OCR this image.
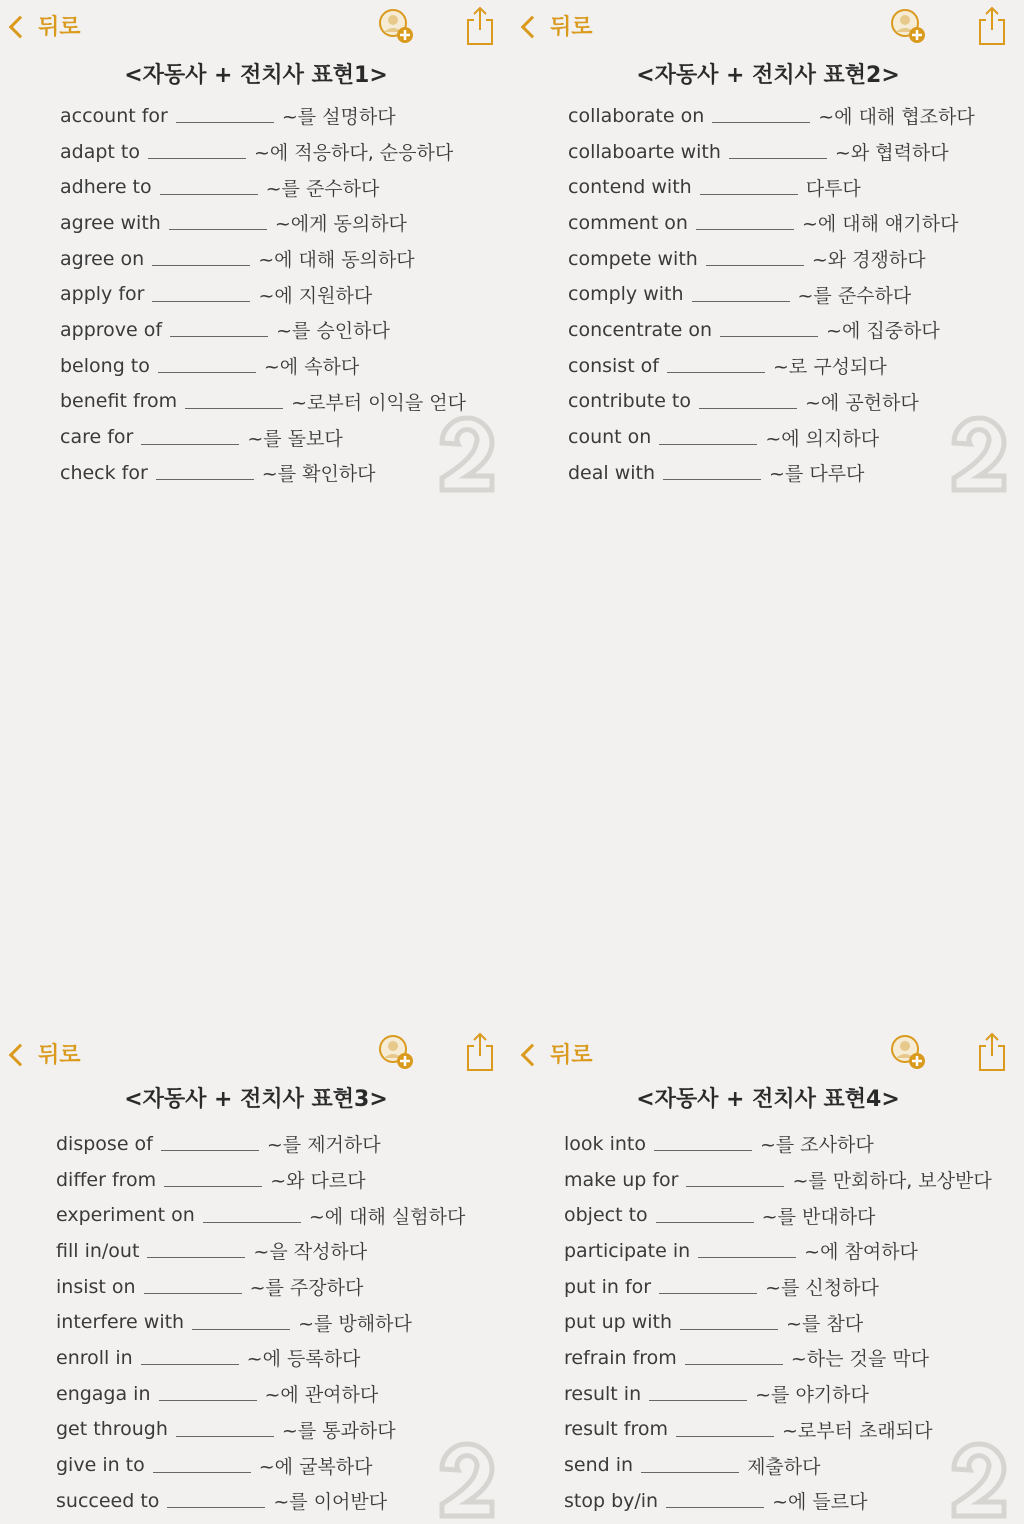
뒤로
<자동사 + 전치사 표현1>
account for	~를 설명하다
adapt to	~에 적응하다, 순응하다
adhere to	~를 준수하다
agree with	~에게 동의하다
agree on	~에 대해 동의하다
apply for	~에 지원하다
approve of	~를 승인하다
belong to	~에 속하다
benefit from	~로부터 이익을 얻다
care for	~를 돌보다
check for	~를 확인하다
뒤로
<자동사 + 전치사 표현2>
collaborate on	~에 대해 협조하다
collaboarte with	~와 협력하다
contend with	다투다
comment on	~에 대해 얘기하다
compete with	~와 경쟁하다
comply with	~를 준수하다
concentrate on	~에 집중하다
consist of	~로 구성되다
contribute to	~에 공헌하다
count on	~에 의지하다
deal with	~를 다루다
뒤로
<자동사 + 전치사 표현3>
dispose of	~를 제거하다
differ from	~와 다르다
experiment on	~에 대해 실험하다
fill in/out	~을 작성하다
insist on	~를 주장하다
interfere with	~를 방해하다
enroll in	~에 등록하다
engaga in	~에 관여하다
get through	~를 통과하다
give in to	~에 굴복하다
succeed to	~를 이어받다
뒤로
<자동사 + 전치사 표현4>
look into	~를 조사하다
make up for	~를 만회하다, 보상받다
object to	~를 반대하다
participate in	~에 참여하다
put in for	~를 신청하다
put up with	~를 참다
refrain from	~하는 것을 막다
result in	~를 야기하다
result from	~로부터 초래되다
send in	제출하다
stop by/in	~에 들르다
